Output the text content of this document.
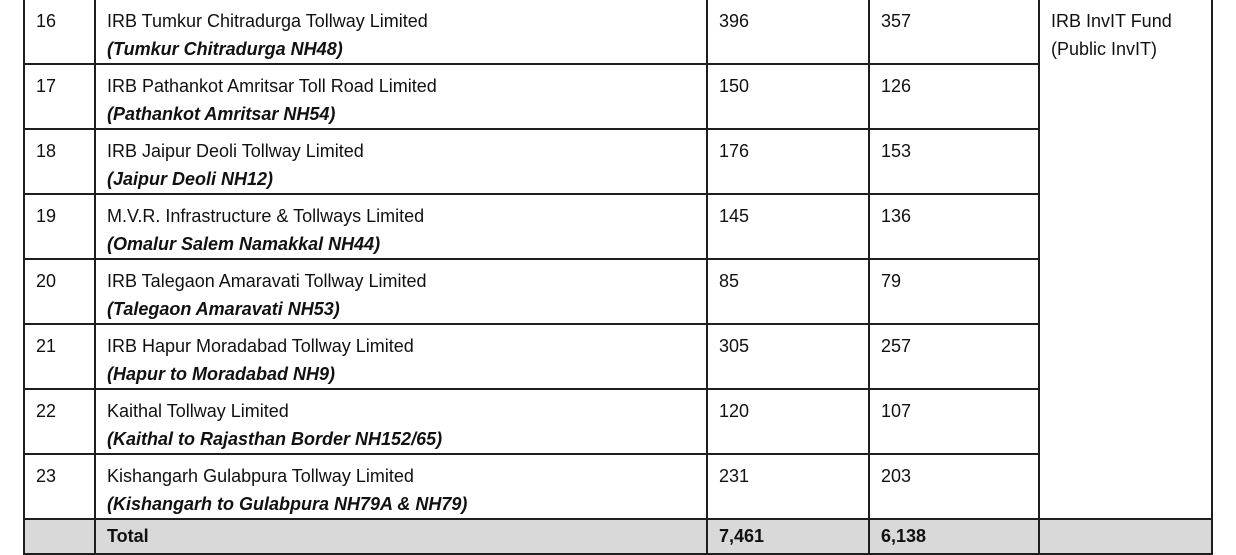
16	IRB Tumkur Chitradurga Tollway Limited
(Tumkur Chitradurga NH48)	396	357	IRB InvIT Fund
(Public InvIT)

17	IRB Pathankot Amritsar Toll Road Limited
(Pathankot Amritsar NH54)	150	126	
18	IRB Jaipur Deoli Tollway Limited
(Jaipur Deoli NH12)	176	153	
19	M.V.R. Infrastructure & Tollways Limited
(Omalur Salem Namakkal NH44)	145	136	
20	IRB Talegaon Amaravati Tollway Limited
(Talegaon Amaravati NH53)	85	79	
21	IRB Hapur Moradabad Tollway Limited
(Hapur to Moradabad NH9)	305	257	
22	Kaithal Tollway Limited
(Kaithal to Rajasthan Border NH152/65)	120	107	
23	Kishangarh Gulabpura Tollway Limited
(Kishangarh to Gulabpura NH79A & NH79)	231	203	
	Total	7,461	6,138	
